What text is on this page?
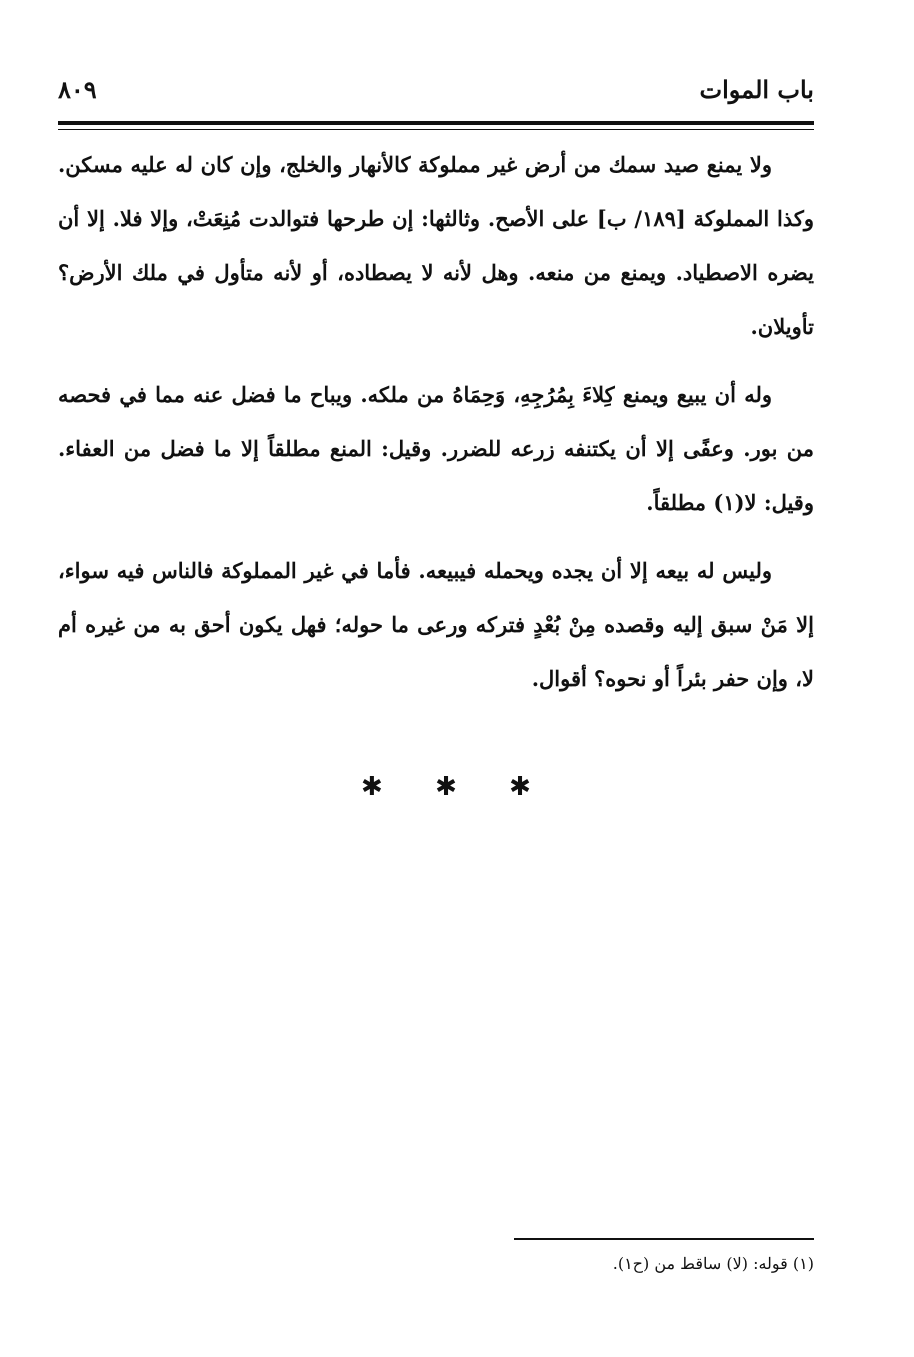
باب الموات
٨٠٩

ولا يمنع صيد سمك من أرض غير مملوكة كالأنهار والخلج، وإن كان له عليه مسكن. وكذا المملوكة [١٨٩/ ب] على الأصح. وثالثها: إن طرحها فتوالدت مُنِعَتْ، وإلا فلا. إلا أن يضره الاصطياد. ويمنع من منعه. وهل لأنه لا يصطاده، أو لأنه متأول في ملك الأرض؟ تأويلان.

وله أن يبيع ويمنع كِلاءَ بِمُرُجِهِ، وَحِمَاهُ من ملكه. ويباح ما فضل عنه مما في فحصه من بور. وعفًى إلا أن يكتنفه زرعه للضرر. وقيل: المنع مطلقاً إلا ما فضل من العفاء. وقيل: لا(١) مطلقاً.

وليس له بيعه إلا أن يجده ويحمله فيبيعه. فأما في غير المملوكة فالناس فيه سواء، إلا مَنْ سبق إليه وقصده مِنْ بُعْدٍ فتركه ورعى ما حوله؛ فهل يكون أحق به من غيره أم لا، وإن حفر بئراً أو نحوه؟ أقوال.

✱ ✱ ✱
(١) قوله: (لا) ساقط من (ح١).
